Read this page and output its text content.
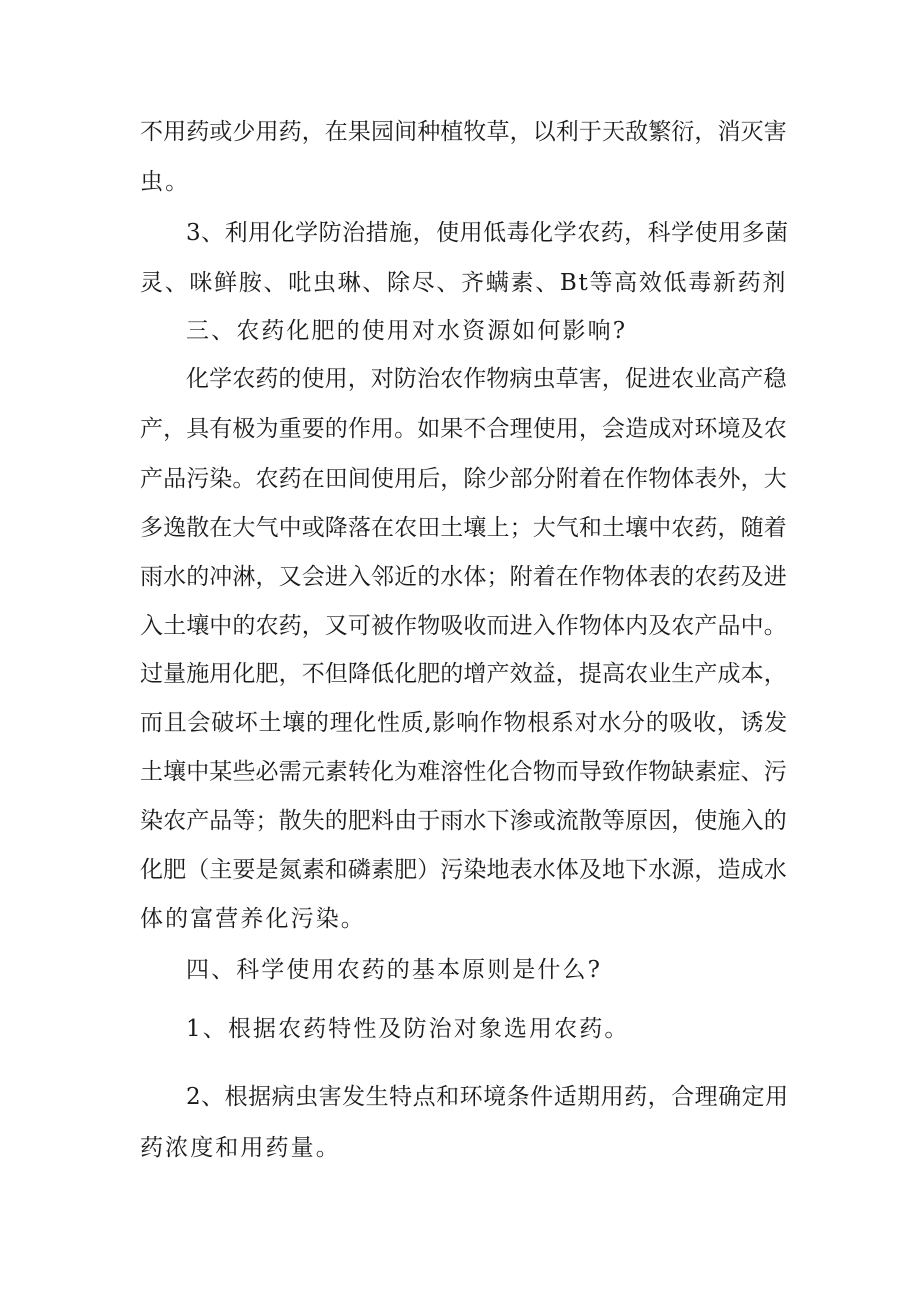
不用药或少用药，在果园间种植牧草，以利于天敌繁衍，消灭害

虫。

3、利用化学防治措施，使用低毒化学农药，科学使用多菌

灵、咪鲜胺、吡虫琳、除尽、齐螨素、Bt等高效低毒新药剂

三、农药化肥的使用对水资源如何影响?

化学农药的使用，对防治农作物病虫草害，促进农业高产稳

产，具有极为重要的作用。如果不合理使用，会造成对环境及农

产品污染。农药在田间使用后，除少部分附着在作物体表外，大

多逸散在大气中或降落在农田土壤上；大气和土壤中农药，随着

雨水的冲淋，又会进入邻近的水体；附着在作物体表的农药及进

入土壤中的农药，又可被作物吸收而进入作物体内及农产品中。

过量施用化肥，不但降低化肥的增产效益，提高农业生产成本，

而且会破坏土壤的理化性质,影响作物根系对水分的吸收，诱发

土壤中某些必需元素转化为难溶性化合物而导致作物缺素症、污

染农产品等；散失的肥料由于雨水下渗或流散等原因，使施入的

化肥（主要是氮素和磷素肥）污染地表水体及地下水源，造成水

体的富营养化污染。

四、科学使用农药的基本原则是什么?

1、根据农药特性及防治对象选用农药。

2、根据病虫害发生特点和环境条件适期用药，合理确定用

药浓度和用药量。
